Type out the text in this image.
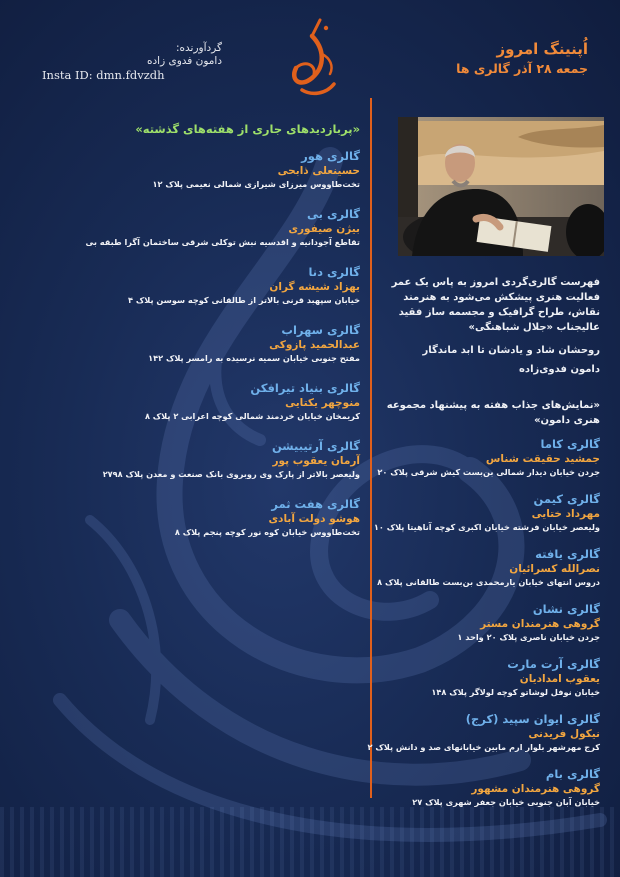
گردآورنده:
دامون فدوی زاده
Insta ID: dmn.fdvzdh
اُپنینگ امروز
جمعه ۲۸ آذر گالری ها

فهرست گالری‌گردی امروز به پاس یک عمر فعالیت هنری پیشکش می‌شود به هنرمند نقاش، طراح گرافیک و مجسمه ساز فقید عالیجناب «جلال شباهنگی»

روحشان شاد و یادشان تا ابد ماندگار

دامون فدوی‌زاده

«پربازدیدهای جاری از هفته‌های گذشته»
گالری هور
حسینعلی ذابحی
تخت‌طاووس میرزای شیرازی شمالی نعیمی پلاک ۱۲
گالری بی
بیژن صیفوری
تقاطع آجودانیه و اقدسیه نبش توکلی شرقی ساختمان آگرا طبقه بی
گالری دنا
بهزاد شیشه گران
خیابان سپهبد قرنی بالاتر از طالقانی کوچه سوسن پلاک ۴
گالری سهراب
عبدالحمید پازوکی
مفتح جنوبی خیابان سمیه نرسیده به رامسر پلاک ۱۴۲
گالری بنیاد تیرافکن
منوچهر یکتایی
کریمخان خیابان خردمند شمالی کوچه اعرابی ۲ پلاک ۸
گالری آرتیبیشن
آرمان یعقوب پور
ولیعصر بالاتر از پارک وی روبروی بانک صنعت و معدن پلاک ۲۷۹۸
گالری هفت ثمر
هوشو دولت آبادی
تخت‌طاووس خیابان کوه نور کوچه پنجم پلاک ۸
«نمایش‌های جذاب هفته به پیشنهاد مجموعه هنری دامون»
گالری کاما
جمشید حقیقت شناس
جردن خیابان دیدار شمالی بن‌بست کیش شرقی پلاک ۲۰
گالری کیمن
مهرداد ختایی
ولیعصر خیابان فرشته خیابان اکبری کوچه آناهیتا پلاک ۱۰
گالری یافته
نصرالله کسرائیان
دروس انتهای خیابان یارمحمدی بن‌بست طالقانی پلاک ۸
گالری نشان
گروهی هنرمندان مستر
جردن خیابان ناصری پلاک ۲۰ واحد ۱
گالری آرت مارت
یعقوب امدادیان
خیابان نوفل لوشاتو کوچه لولاگر پلاک ۱۴۸
گالری ایوان سپید (کرج)
نیکول فریدنی
کرج مهرشهر بلوار ارم مابین خیابانهای صد و دانش پلاک ۲
گالری بام
گروهی هنرمندان مشهور
خیابان آبان جنوبی خیابان جعفر شهری پلاک ۲۷
